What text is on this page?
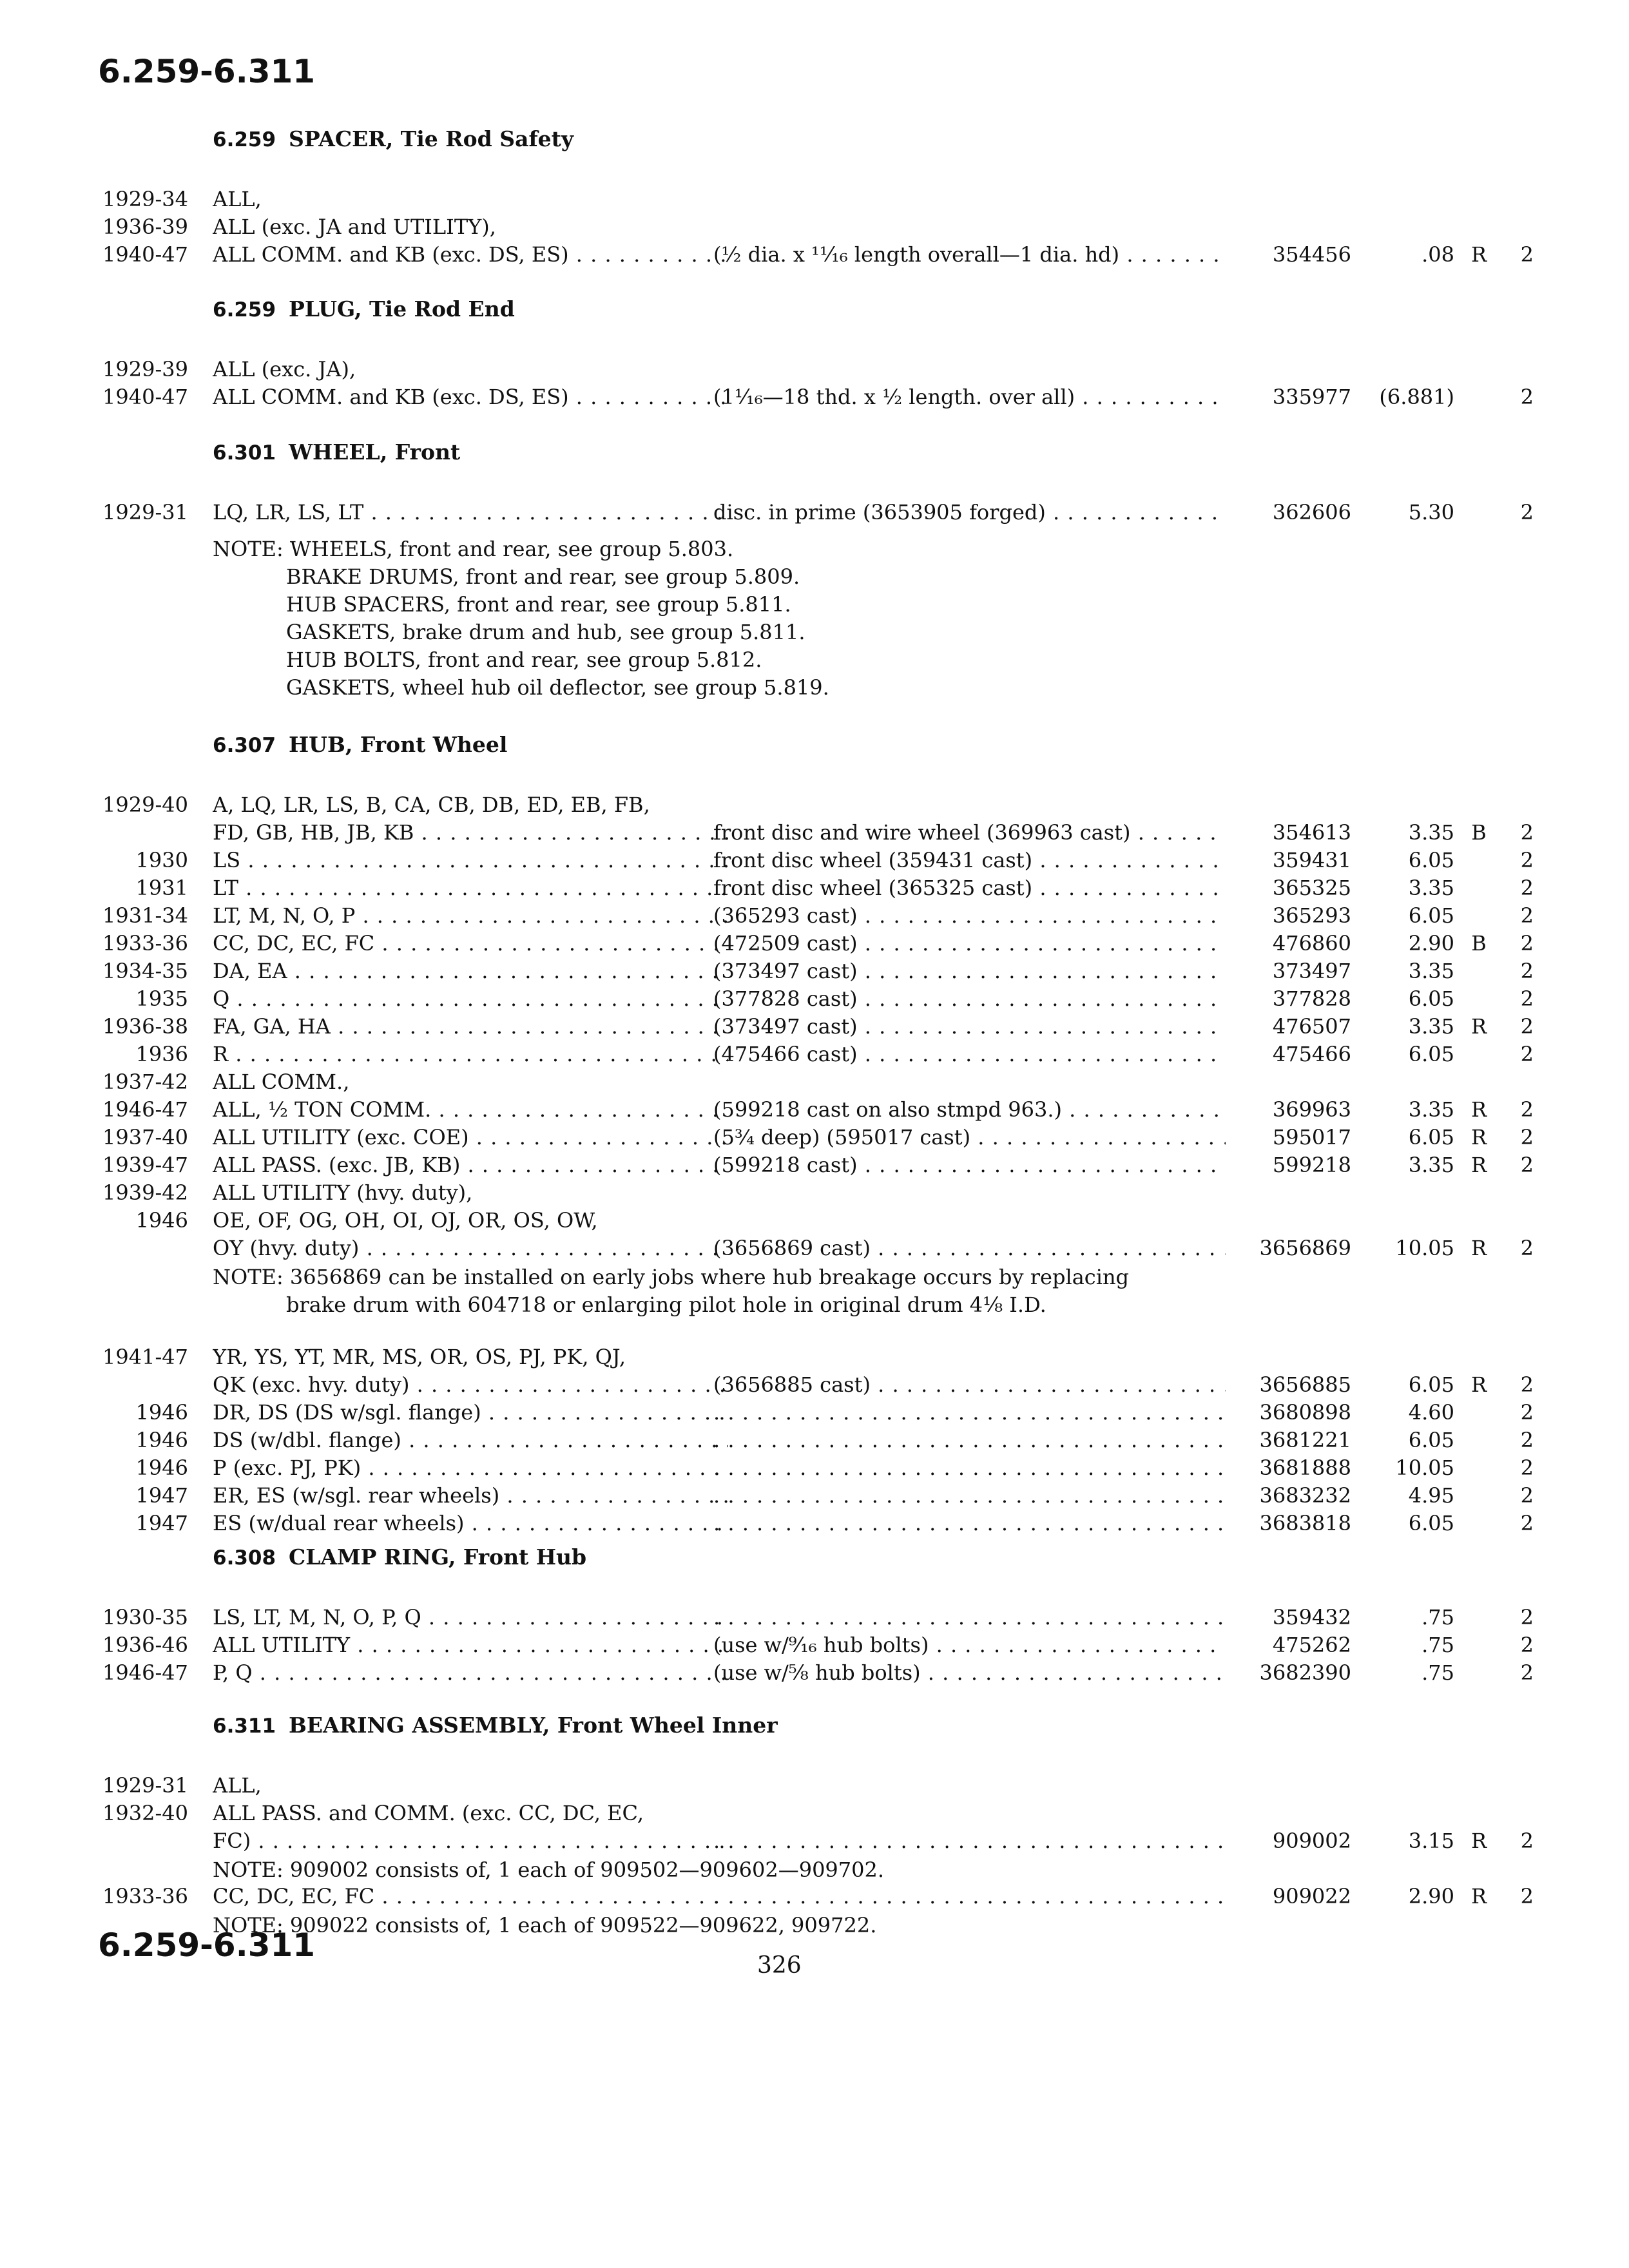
6.259-6.311
6.259 SPACER, Tie Rod Safety
1929-34 ALL,
1936-39 ALL (exc. JA and UTILITY),
1940-47 ALL COMM. and KB (exc. DS, ES) . . .	(½ dia. x ¹¹⁄₁₆ length overall—1 dia. hd) . . .	354456	.08 R	2
6.259 PLUG, Tie Rod End
1929-39 ALL (exc. JA),
1940-47 ALL COMM. and KB (exc. DS, ES) . . .	(1¹⁄₁₆—18 thd. x ½ length. over all) . . .	335977	(6.881)	2
6.301 WHEEL, Front
1929-31 LQ, LR, LS, LT . . .	disc. in prime (3653905 forged) . . .	362606	5.30	2
NOTE: WHEELS, front and rear, see group 5.803.
BRAKE DRUMS, front and rear, see group 5.809.
HUB SPACERS, front and rear, see group 5.811.
GASKETS, brake drum and hub, see group 5.811.
HUB BOLTS, front and rear, see group 5.812.
GASKETS, wheel hub oil deflector, see group 5.819.
6.307 HUB, Front Wheel
1929-40 A, LQ, LR, LS, B, CA, CB, DB, ED, EB, FB,
FD, GB, HB, JB, KB . . .	front disc and wire wheel (369963 cast) . . .	354613	3.35 B	2
1930 LS . . .	front disc wheel (359431 cast) . . .	359431	6.05	2
1931 LT . . .	front disc wheel (365325 cast) . . .	365325	3.35	2
1931-34 LT, M, N, O, P . . .	(365293 cast) . . .	365293	6.05	2
1933-36 CC, DC, EC, FC . . .	(472509 cast) . . .	476860	2.90 B	2
1934-35 DA, EA . . .	(373497 cast) . . .	373497	3.35	2
1935 Q . . .	(377828 cast) . . .	377828	6.05	2
1936-38 FA, GA, HA . . .	(373497 cast) . . .	476507	3.35 R	2
1936 R . . .	(475466 cast) . . .	475466	6.05	2
1937-42 ALL COMM.,
1946-47 ALL, ½ TON COMM. . . .	(599218 cast on also stmpd 963.) . . .	369963	3.35 R	2
1937-40 ALL UTILITY (exc. COE) . . .	(5¾ deep) (595017 cast) . . .	595017	6.05 R	2
1939-47 ALL PASS. (exc. JB, KB) . . .	(599218 cast) . . .	599218	3.35 R	2
1939-42 ALL UTILITY (hvy. duty),
1946 OE, OF, OG, OH, OI, OJ, OR, OS, OW,
OY (hvy. duty) . . .	(3656869 cast) . . .	3656869	10.05 R	2
NOTE: 3656869 can be installed on early jobs where hub breakage occurs by replacing
brake drum with 604718 or enlarging pilot hole in original drum 4⅛ I.D.
1941-47 YR, YS, YT, MR, MS, OR, OS, PJ, PK, QJ,
QK (exc. hvy. duty) . . .	(3656885 cast) . . .	3656885	6.05 R	2
1946 DR, DS (DS w/sgl. flange) . . . . . .	3680898	4.60	2
1946 DS (w/dbl. flange) . . . . . .	3681221	6.05	2
1946 P (exc. PJ, PK) . . . . . .	3681888	10.05	2
1947 ER, ES (w/sgl. rear wheels) . . . . . .	3683232	4.95	2
1947 ES (w/dual rear wheels) . . . . . .	3683818	6.05	2
6.308 CLAMP RING, Front Hub
1930-35 LS, LT, M, N, O, P, Q . . . . . .	359432	.75	2
1936-46 ALL UTILITY . . .	(use w/⁹⁄₁₆ hub bolts) . . .	475262	.75	2
1946-47 P, Q . . .	(use w/⅝ hub bolts) . . .	3682390	.75	2
6.311 BEARING ASSEMBLY, Front Wheel Inner
1929-31 ALL,
1932-40 ALL PASS. and COMM. (exc. CC, DC, EC,
FC) . . . . . .	909002	3.15 R	2
NOTE: 909002 consists of, 1 each of 909502—909602—909702.
1933-36 CC, DC, EC, FC . . . . . .	909022	2.90 R	2
NOTE: 909022 consists of, 1 each of 909522—909622, 909722.
6.259-6.311
326
